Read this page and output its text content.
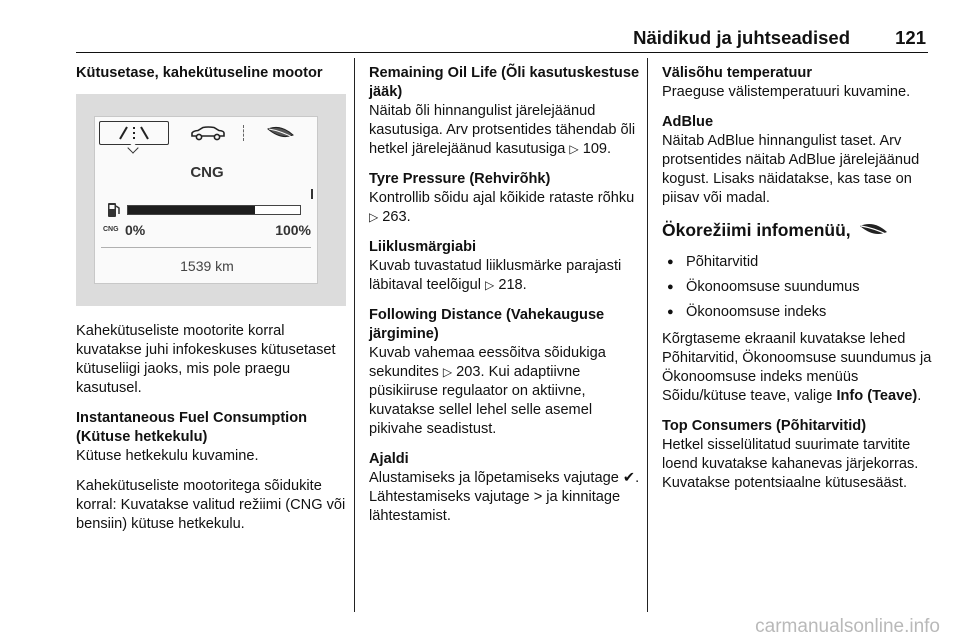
Näidikud ja juhtseadised 121

Kütusetase, kahekütuseline mootor

CNG
CNG 0%	100%
1539 km

Kahekütuseliste mootorite korral kuvatakse juhi infokeskuses kütusetaset kütuseliigi jaoks, mis pole praegu kasutusel.

Instantaneous Fuel Consumption (Kütuse hetkekulu)
Kütuse hetkekulu kuvamine.

Kahekütuseliste mootoritega sõidukite korral: Kuvatakse valitud režiimi (CNG või bensiin) kütuse hetkekulu.

Remaining Oil Life (Õli kasutuskestuse jääk)
Näitab õli hinnangulist järelejäänud kasutusiga. Arv protsentides tähendab õli hetkel järelejäänud kasutusiga ▷ 109.

Tyre Pressure (Rehvirõhk)
Kontrollib sõidu ajal kõikide rataste rõhku ▷ 263.

Liiklusmärgiabi
Kuvab tuvastatud liiklusmärke parajasti läbitaval teelõigul ▷ 218.

Following Distance (Vahekauguse järgimine)
Kuvab vahemaa eessõitva sõidukiga sekundites ▷ 203. Kui adaptiivne püsikiiruse regulaator on aktiivne, kuvatakse sellel lehel selle asemel pikivahe seadistust.

Ajaldi
Alustamiseks ja lõpetamiseks vajutage ✔. Lähtestamiseks vajutage > ja kinnitage lähtestamist.

Välisõhu temperatuur
Praeguse välistemperatuuri kuvamine.

AdBlue
Näitab AdBlue hinnangulist taset. Arv protsentides näitab AdBlue järelejäänud kogust. Lisaks näidatakse, kas tase on piisav või madal.

Ökorežiimi infomenüü,
● Põhitarvitid
● Ökonoomsuse suundumus
● Ökonoomsuse indeks

Kõrgtaseme ekraanil kuvatakse lehed Põhitarvitid, Ökonoomsuse suundumus ja Ökonoomsuse indeks menüüs Sõidu/kütuse teave, valige Info (Teave).

Top Consumers (Põhitarvitid)
Hetkel sisselülitatud suurimate tarvitite loend kuvatakse kahanevas järjekorras. Kuvatakse potentsiaalne kütusesääst.

carmanualsonline.info
